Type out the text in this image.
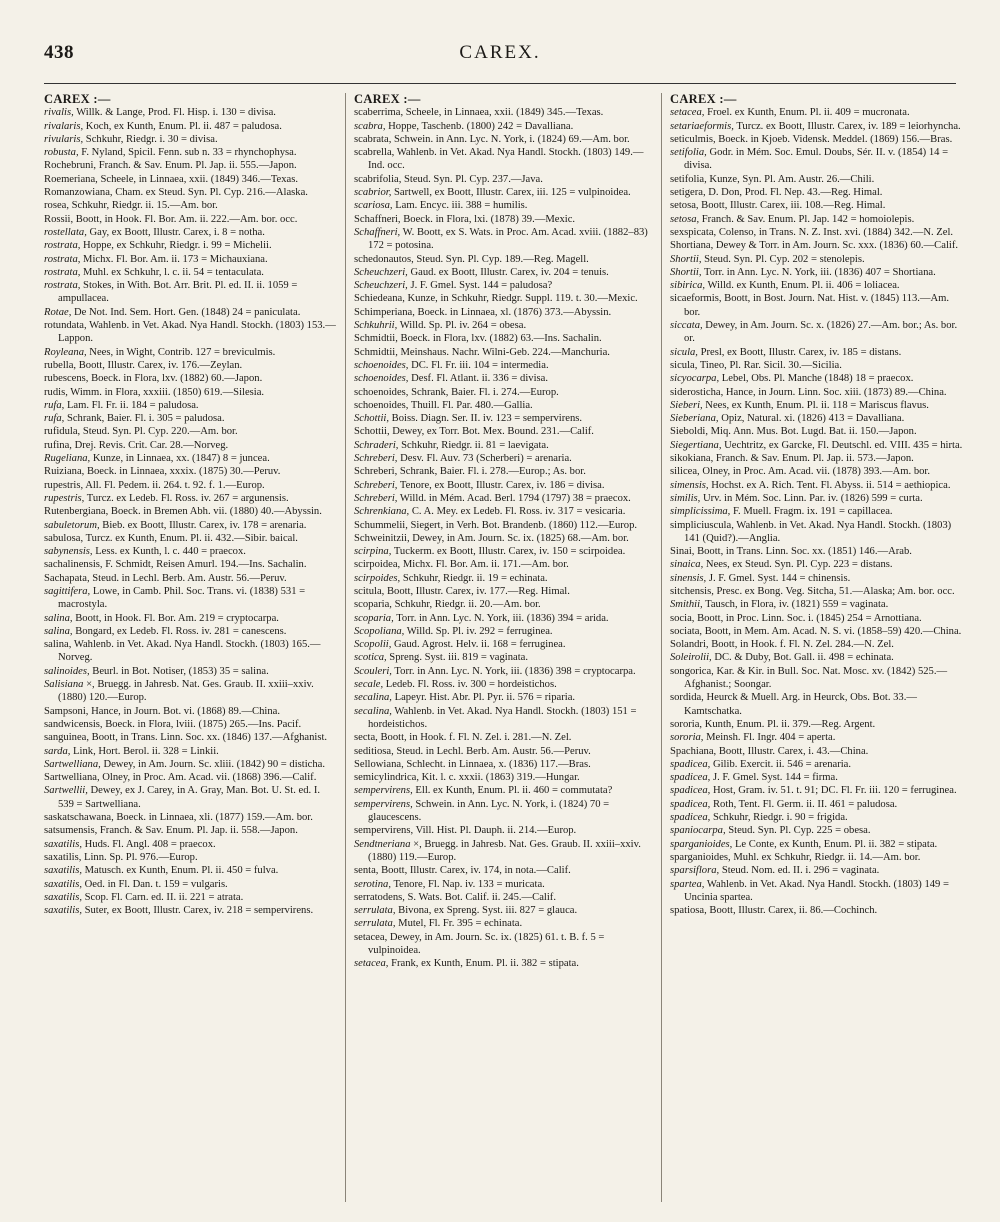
438	CAREX.
CAREX :—

rivalis, Willk. & Lange, Prod. Fl. Hisp. i. 130 = divisa.

rivalaris, Koch, ex Kunth, Enum. Pl. ii. 487 = paludosa.

rivularis, Schkuhr, Riedgr. i. 30 = divisa.

robusta, F. Nyland, Spicil. Fenn. sub n. 33 = rhynchophysa.

Rochebruni, Franch. & Sav. Enum. Pl. Jap. ii. 555.—Japon.

Roemeriana, Scheele, in Linnaea, xxii. (1849) 346.—Texas.

Romanzowiana, Cham. ex Steud. Syn. Pl. Cyp. 216.—Alaska.

rosea, Schkuhr, Riedgr. ii. 15.—Am. bor.

Rossii, Boott, in Hook. Fl. Bor. Am. ii. 222.—Am. bor. occ.

rostellata, Gay, ex Boott, Illustr. Carex, i. 8 = notha.

rostrata, Hoppe, ex Schkuhr, Riedgr. i. 99 = Michelii.

rostrata, Michx. Fl. Bor. Am. ii. 173 = Michauxiana.

rostrata, Muhl. ex Schkuhr, l. c. ii. 54 = tentaculata.

rostrata, Stokes, in With. Bot. Arr. Brit. Pl. ed. II. ii. 1059 = ampullacea.

Rotae, De Not. Ind. Sem. Hort. Gen. (1848) 24 = paniculata.

rotundata, Wahlenb. in Vet. Akad. Nya Handl. Stockh. (1803) 153.—Lappon.

Royleana, Nees, in Wight, Contrib. 127 = breviculmis.

rubella, Boott, Illustr. Carex, iv. 176.—Zeylan.

rubescens, Boeck. in Flora, lxv. (1882) 60.—Japon.

rudis, Wimm. in Flora, xxxiii. (1850) 619.—Silesia.

rufa, Lam. Fl. Fr. ii. 184 = paludosa.

rufa, Schrank, Baier. Fl. i. 305 = paludosa.

rufidula, Steud. Syn. Pl. Cyp. 220.—Am. bor.

rufina, Drej. Revis. Crit. Car. 28.—Norveg.

Rugeliana, Kunze, in Linnaea, xx. (1847) 8 = juncea.

Ruiziana, Boeck. in Linnaea, xxxix. (1875) 30.—Peruv.

rupestris, All. Fl. Pedem. ii. 264. t. 92. f. 1.—Europ.

rupestris, Turcz. ex Ledeb. Fl. Ross. iv. 267 = argunensis.

Rutenbergiana, Boeck. in Bremen Abh. vii. (1880) 40.—Abyssin.

sabuletorum, Bieb. ex Boott, Illustr. Carex, iv. 178 = arenaria.

sabulosa, Turcz. ex Kunth, Enum. Pl. ii. 432.—Sibir. baical.

sabynensis, Less. ex Kunth, l. c. 440 = praecox.

sachalinensis, F. Schmidt, Reisen Amurl. 194.—Ins. Sachalin.

Sachapata, Steud. in Lechl. Berb. Am. Austr. 56.—Peruv.

sagittifera, Lowe, in Camb. Phil. Soc. Trans. vi. (1838) 531 = macrostyla.

salina, Boott, in Hook. Fl. Bor. Am. 219 = cryptocarpa.

salina, Bongard, ex Ledeb. Fl. Ross. iv. 281 = canescens.

salina, Wahlenb. in Vet. Akad. Nya Handl. Stockh. (1803) 165.—Norveg.

salinoides, Beurl. in Bot. Notiser, (1853) 35 = salina.

Salisiana ×, Bruegg. in Jahresb. Nat. Ges. Graub. II. xxiii–xxiv. (1880) 120.—Europ.

Sampsoni, Hance, in Journ. Bot. vi. (1868) 89.—China.

sandwicensis, Boeck. in Flora, lviii. (1875) 265.—Ins. Pacif.

sanguinea, Boott, in Trans. Linn. Soc. xx. (1846) 137.—Afghanist.

sarda, Link, Hort. Berol. ii. 328 = Linkii.

Sartwelliana, Dewey, in Am. Journ. Sc. xliii. (1842) 90 = disticha.

Sartwelliana, Olney, in Proc. Am. Acad. vii. (1868) 396.—Calif.

Sartwellii, Dewey, ex J. Carey, in A. Gray, Man. Bot. U. St. ed. I. 539 = Sartwelliana.

saskatschawana, Boeck. in Linnaea, xli. (1877) 159.—Am. bor.

satsumensis, Franch. & Sav. Enum. Pl. Jap. ii. 558.—Japon.

saxatilis, Huds. Fl. Angl. 408 = praecox.

saxatilis, Linn. Sp. Pl. 976.—Europ.

saxatilis, Matusch. ex Kunth, Enum. Pl. ii. 450 = fulva.

saxatilis, Oed. in Fl. Dan. t. 159 = vulgaris.

saxatilis, Scop. Fl. Carn. ed. II. ii. 221 = atrata.

saxatilis, Suter, ex Boott, Illustr. Carex, iv. 218 = sempervirens.

CAREX :—

scaberrima, Scheele, in Linnaea, xxii. (1849) 345.—Texas.

scabra, Hoppe, Taschenb. (1800) 242 = Davalliana.

scabrata, Schwein. in Ann. Lyc. N. York, i. (1824) 69.—Am. bor.

scabrella, Wahlenb. in Vet. Akad. Nya Handl. Stockh. (1803) 149.—Ind. occ.

scabrifolia, Steud. Syn. Pl. Cyp. 237.—Java.

scabrior, Sartwell, ex Boott, Illustr. Carex, iii. 125 = vulpinoidea.

scariosa, Lam. Encyc. iii. 388 = humilis.

Schaffneri, Boeck. in Flora, lxi. (1878) 39.—Mexic.

Schaffneri, W. Boott, ex S. Wats. in Proc. Am. Acad. xviii. (1882–83) 172 = potosina.

schedonautos, Steud. Syn. Pl. Cyp. 189.—Reg. Magell.

Scheuchzeri, Gaud. ex Boott, Illustr. Carex, iv. 204 = tenuis.

Scheuchzeri, J. F. Gmel. Syst. 144 = paludosa?

Schiedeana, Kunze, in Schkuhr, Riedgr. Suppl. 119. t. 30.—Mexic.

Schimperiana, Boeck. in Linnaea, xl. (1876) 373.—Abyssin.

Schkuhrii, Willd. Sp. Pl. iv. 264 = obesa.

Schmidtii, Boeck. in Flora, lxv. (1882) 63.—Ins. Sachalin.

Schmidtii, Meinshaus. Nachr. Wilni-Geb. 224.—Manchuria.

schoenoides, DC. Fl. Fr. iii. 104 = intermedia.

schoenoides, Desf. Fl. Atlant. ii. 336 = divisa.

schoenoides, Schrank, Baier. Fl. i. 274.—Europ.

schoenoides, Thuill. Fl. Par. 480.—Gallia.

Schottii, Boiss. Diagn. Ser. II. iv. 123 = sempervirens.

Schottii, Dewey, ex Torr. Bot. Mex. Bound. 231.—Calif.

Schraderi, Schkuhr, Riedgr. ii. 81 = laevigata.

Schreberi, Desv. Fl. Auv. 73 (Scherberi) = arenaria.

Schreberi, Schrank, Baier. Fl. i. 278.—Europ.; As. bor.

Schreberi, Tenore, ex Boott, Illustr. Carex, iv. 186 = divisa.

Schreberi, Willd. in Mém. Acad. Berl. 1794 (1797) 38 = praecox.

Schrenkiana, C. A. Mey. ex Ledeb. Fl. Ross. iv. 317 = vesicaria.

Schummelii, Siegert, in Verh. Bot. Brandenb. (1860) 112.—Europ.

Schweinitzii, Dewey, in Am. Journ. Sc. ix. (1825) 68.—Am. bor.

scirpina, Tuckerm. ex Boott, Illustr. Carex, iv. 150 = scirpoidea.

scirpoidea, Michx. Fl. Bor. Am. ii. 171.—Am. bor.

scirpoides, Schkuhr, Riedgr. ii. 19 = echinata.

scitula, Boott, Illustr. Carex, iv. 177.—Reg. Himal.

scoparia, Schkuhr, Riedgr. ii. 20.—Am. bor.

scoparia, Torr. in Ann. Lyc. N. York, iii. (1836) 394 = arida.

Scopoliana, Willd. Sp. Pl. iv. 292 = ferruginea.

Scopolii, Gaud. Agrost. Helv. ii. 168 = ferruginea.

scotica, Spreng. Syst. iii. 819 = vaginata.

Scouleri, Torr. in Ann. Lyc. N. York, iii. (1836) 398 = cryptocarpa.

secale, Ledeb. Fl. Ross. iv. 300 = hordeistichos.

secalina, Lapeyr. Hist. Abr. Pl. Pyr. ii. 576 = riparia.

secalina, Wahlenb. in Vet. Akad. Nya Handl. Stockh. (1803) 151 = hordeistichos.

secta, Boott, in Hook. f. Fl. N. Zel. i. 281.—N. Zel.

seditiosa, Steud. in Lechl. Berb. Am. Austr. 56.—Peruv.

Sellowiana, Schlecht. in Linnaea, x. (1836) 117.—Bras.

semicylindrica, Kit. l. c. xxxii. (1863) 319.—Hungar.

sempervirens, Ell. ex Kunth, Enum. Pl. ii. 460 = commutata?

sempervirens, Schwein. in Ann. Lyc. N. York, i. (1824) 70 = glaucescens.

sempervirens, Vill. Hist. Pl. Dauph. ii. 214.—Europ.

Sendtneriana ×, Bruegg. in Jahresb. Nat. Ges. Graub. II. xxiii–xxiv. (1880) 119.—Europ.

senta, Boott, Illustr. Carex, iv. 174, in nota.—Calif.

serotina, Tenore, Fl. Nap. iv. 133 = muricata.

serratodens, S. Wats. Bot. Calif. ii. 245.—Calif.

serrulata, Bivona, ex Spreng. Syst. iii. 827 = glauca.

serrulata, Mutel, Fl. Fr. 395 = echinata.

setacea, Dewey, in Am. Journ. Sc. ix. (1825) 61. t. B. f. 5 = vulpinoidea.

setacea, Frank, ex Kunth, Enum. Pl. ii. 382 = stipata.

CAREX :—

setacea, Froel. ex Kunth, Enum. Pl. ii. 409 = mucronata.

setariaeformis, Turcz. ex Boott, Illustr. Carex, iv. 189 = leiorhyncha.

seticulmis, Boeck. in Kjoeb. Vidensk. Meddel. (1869) 156.—Bras.

setifolia, Godr. in Mém. Soc. Emul. Doubs, Sér. II. v. (1854) 14 = divisa.

setifolia, Kunze, Syn. Pl. Am. Austr. 26.—Chili.

setigera, D. Don, Prod. Fl. Nep. 43.—Reg. Himal.

setosa, Boott, Illustr. Carex, iii. 108.—Reg. Himal.

setosa, Franch. & Sav. Enum. Pl. Jap. 142 = homoiolepis.

sexspicata, Colenso, in Trans. N. Z. Inst. xvi. (1884) 342.—N. Zel.

Shortiana, Dewey & Torr. in Am. Journ. Sc. xxx. (1836) 60.—Calif.

Shortii, Steud. Syn. Pl. Cyp. 202 = stenolepis.

Shortii, Torr. in Ann. Lyc. N. York, iii. (1836) 407 = Shortiana.

sibirica, Willd. ex Kunth, Enum. Pl. ii. 406 = loliacea.

sicaeformis, Boott, in Bost. Journ. Nat. Hist. v. (1845) 113.—Am. bor.

siccata, Dewey, in Am. Journ. Sc. x. (1826) 27.—Am. bor.; As. bor. or.

sicula, Presl, ex Boott, Illustr. Carex, iv. 185 = distans.

sicula, Tineo, Pl. Rar. Sicil. 30.—Sicilia.

sicyocarpa, Lebel, Obs. Pl. Manche (1848) 18 = praecox.

siderosticha, Hance, in Journ. Linn. Soc. xiii. (1873) 89.—China.

Sieberi, Nees, ex Kunth, Enum. Pl. ii. 118 = Mariscus flavus.

Sieberiana, Opiz, Natural. xi. (1826) 413 = Davalliana.

Sieboldi, Miq. Ann. Mus. Bot. Lugd. Bat. ii. 150.—Japon.

Siegertiana, Uechtritz, ex Garcke, Fl. Deutschl. ed. VIII. 435 = hirta.

sikokiana, Franch. & Sav. Enum. Pl. Jap. ii. 573.—Japon.

silicea, Olney, in Proc. Am. Acad. vii. (1878) 393.—Am. bor.

simensis, Hochst. ex A. Rich. Tent. Fl. Abyss. ii. 514 = aethiopica.

similis, Urv. in Mém. Soc. Linn. Par. iv. (1826) 599 = curta.

simplicissima, F. Muell. Fragm. ix. 191 = capillacea.

simpliciuscula, Wahlenb. in Vet. Akad. Nya Handl. Stockh. (1803) 141 (Quid?).—Anglia.

Sinai, Boott, in Trans. Linn. Soc. xx. (1851) 146.—Arab.

sinaica, Nees, ex Steud. Syn. Pl. Cyp. 223 = distans.

sinensis, J. F. Gmel. Syst. 144 = chinensis.

sitchensis, Presc. ex Bong. Veg. Sitcha, 51.—Alaska; Am. bor. occ.

Smithii, Tausch, in Flora, iv. (1821) 559 = vaginata.

socia, Boott, in Proc. Linn. Soc. i. (1845) 254 = Arnottiana.

sociata, Boott, in Mem. Am. Acad. N. S. vi. (1858–59) 420.—China.

Solandri, Boott, in Hook. f. Fl. N. Zel. 284.—N. Zel.

Soleirolii, DC. & Duby, Bot. Gall. ii. 498 = echinata.

songorica, Kar. & Kir. in Bull. Soc. Nat. Mosc. xv. (1842) 525.—Afghanist.; Soongar.

sordida, Heurck & Muell. Arg. in Heurck, Obs. Bot. 33.—Kamtschatka.

sororia, Kunth, Enum. Pl. ii. 379.—Reg. Argent.

sororia, Meinsh. Fl. Ingr. 404 = aperta.

Spachiana, Boott, Illustr. Carex, i. 43.—China.

spadicea, Gilib. Exercit. ii. 546 = arenaria.

spadicea, J. F. Gmel. Syst. 144 = firma.

spadicea, Host, Gram. iv. 51. t. 91; DC. Fl. Fr. iii. 120 = ferruginea.

spadicea, Roth, Tent. Fl. Germ. ii. II. 461 = paludosa.

spadicea, Schkuhr, Riedgr. i. 90 = frigida.

spaniocarpa, Steud. Syn. Pl. Cyp. 225 = obesa.

sparganioides, Le Conte, ex Kunth, Enum. Pl. ii. 382 = stipata.

sparganioides, Muhl. ex Schkuhr, Riedgr. ii. 14.—Am. bor.

sparsiflora, Steud. Nom. ed. II. i. 296 = vaginata.

spartea, Wahlenb. in Vet. Akad. Nya Handl. Stockh. (1803) 149 = Uncinia spartea.

spatiosa, Boott, Illustr. Carex, ii. 86.—Cochinch.
